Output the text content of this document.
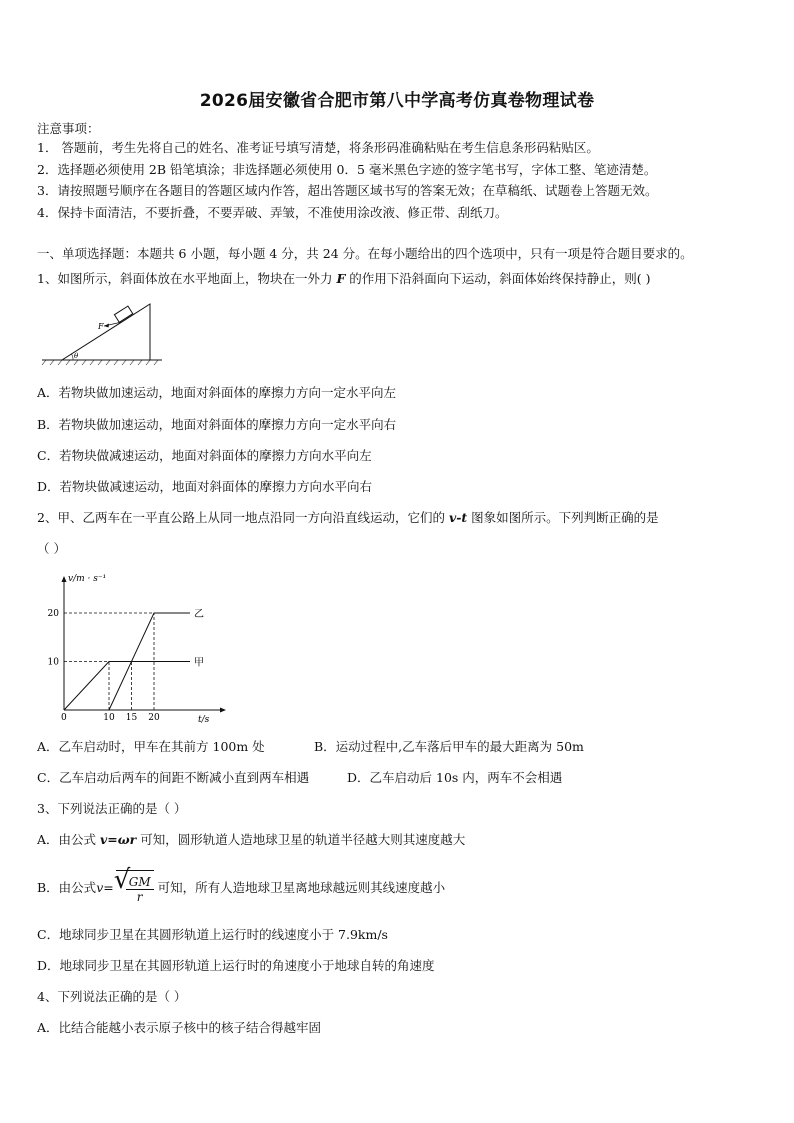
2026届安徽省合肥市第八中学高考仿真卷物理试卷
注意事项：
1． 答题前，考生先将自己的姓名、准考证号填写清楚，将条形码准确粘贴在考生信息条形码粘贴区。
2．选择题必须使用 2B 铅笔填涂；非选择题必须使用 0．5 毫米黑色字迹的签字笔书写，字体工整、笔迹清楚。
3．请按照题号顺序在各题目的答题区域内作答，超出答题区域书写的答案无效；在草稿纸、试题卷上答题无效。
4．保持卡面清洁，不要折叠，不要弄破、弄皱，不准使用涂改液、修正带、刮纸刀。
一、单项选择题：本题共 6 小题，每小题 4 分，共 24 分。在每小题给出的四个选项中，只有一项是符合题目要求的。
1、如图所示，斜面体放在水平地面上，物块在一外力 F 的作用下沿斜面向下运动，斜面体始终保持静止，则( )
F
θ
A．若物块做加速运动，地面对斜面体的摩擦力方向一定水平向左
B．若物块做加速运动，地面对斜面体的摩擦力方向一定水平向右
C．若物块做减速运动，地面对斜面体的摩擦力方向水平向左
D．若物块做减速运动，地面对斜面体的摩擦力方向水平向右
2、甲、乙两车在一平直公路上从同一地点沿同一方向沿直线运动，它们的 v-t 图象如图所示。下列判断正确的是
（ ）
v/m · s⁻¹
t/s
0
10
20
10 15 20
甲
乙
A．乙车启动时，甲车在其前方 100m 处	B．运动过程中,乙车落后甲车的最大距离为 50m
C．乙车启动后两车的间距不断减小直到两车相遇	D．乙车启动后 10s 内，两车不会相遇
3、下列说法正确的是（ ）
A．由公式 v=ωr 可知，圆形轨道人造地球卫星的轨道半径越大则其速度越大
B．由公式v= √
$\frac{GM}{r}$ 可知，所有人造地球卫星离地球越远则其线速度越小
C．地球同步卫星在其圆形轨道上运行时的线速度小于 7.9km/s
D．地球同步卫星在其圆形轨道上运行时的角速度小于地球自转的角速度
4、下列说法正确的是（ ）
A．比结合能越小表示原子核中的核子结合得越牢固
